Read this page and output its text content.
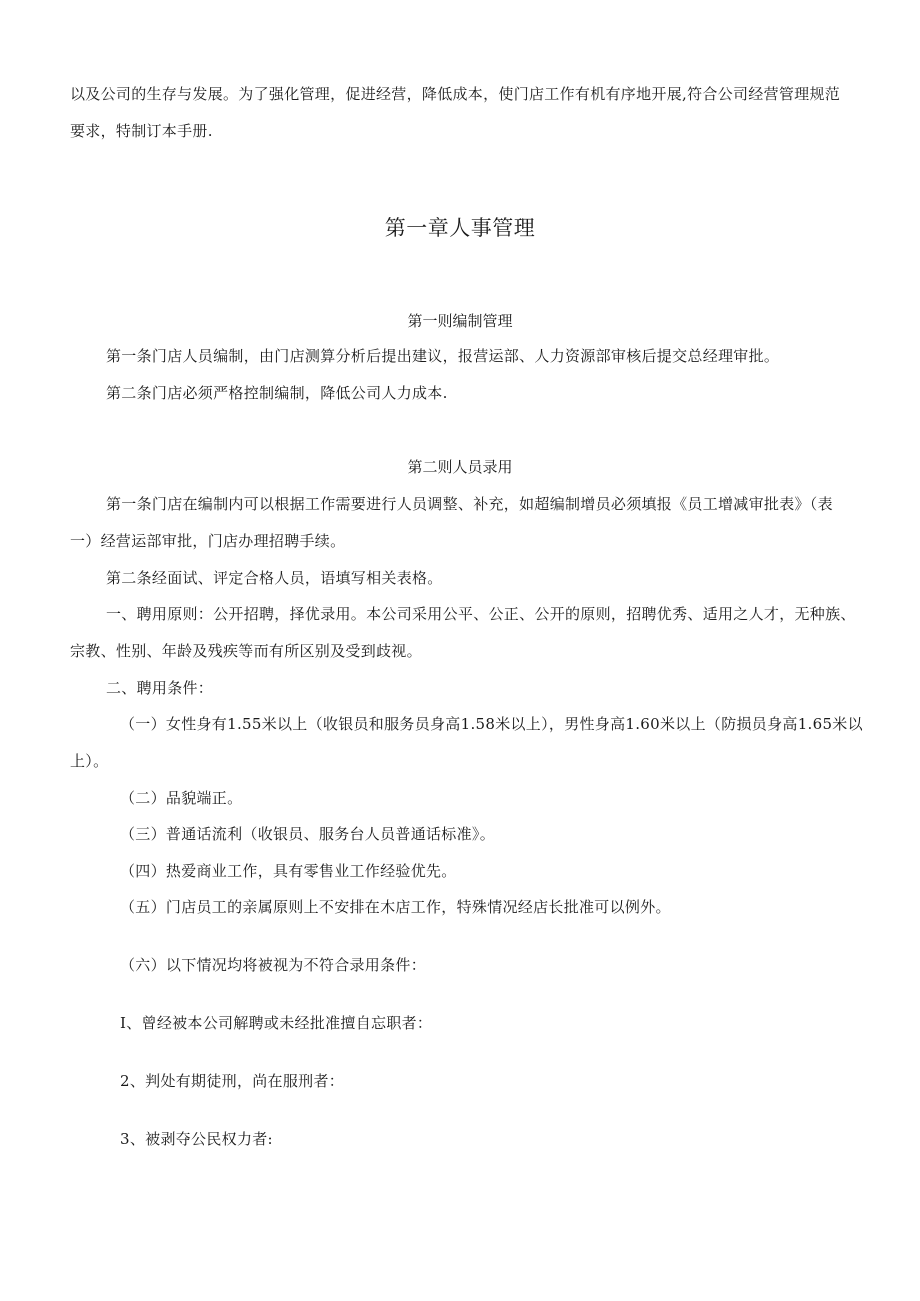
以及公司的生存与发展。为了强化管理，促进经营，降低成本，使门店工作有机有序地开展,符合公司经营管理规范
要求，特制订本手册.
第一章人事管理
第一则编制管理
第一条门店人员编制，由门店测算分析后提出建议，报营运部、人力资源部审核后提交总经理审批。
第二条门店必须严格控制编制，降低公司人力成本.
第二则人员录用
第一条门店在编制内可以根据工作需要进行人员调整、补充，如超编制增员必须填报《员工增减审批表》（表
一）经营运部审批，门店办理招聘手续。
第二条经面试、评定合格人员，语填写相关表格。
一、聘用原则：公开招聘，择优录用。本公司采用公平、公正、公开的原则，招聘优秀、适用之人才，无种族、
宗教、性别、年龄及残疾等而有所区别及受到歧视。
二、聘用条件：
（一）女性身有1.55米以上（收银员和服务员身高1.58米以上），男性身高1.60米以上（防损员身高1.65米以
上）。
（二）品貌端正。
（三）普通话流利（收银员、服务台人员普通话标准》。
（四）热爱商业工作，具有零售业工作经验优先。
（五）门店员工的亲属原则上不安排在木店工作，特殊情况经店长批准可以例外。
（六）以下情况均将被视为不符合录用条件：
I、曾经被本公司解聘或未经批准擅自忘职者：
2、判处有期徒刑，尚在服刑者：
3、被剥夺公民权力者:
